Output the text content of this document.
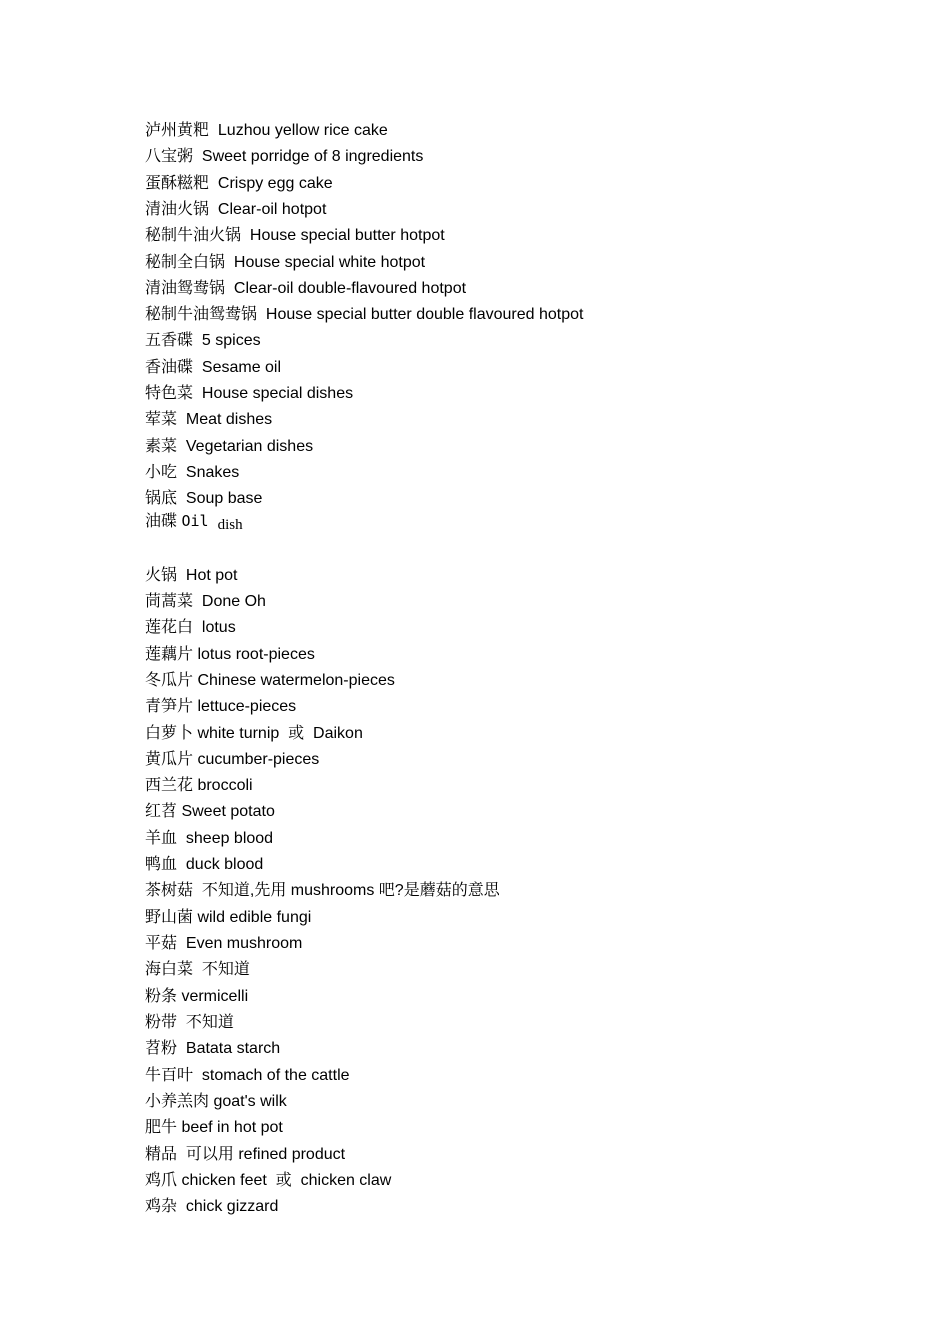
泸州黄粑  Luzhou yellow rice cake
八宝粥  Sweet porridge of 8 ingredients
蛋酥糍粑  Crispy egg cake
清油火锅  Clear-oil hotpot
秘制牛油火锅  House special butter hotpot
秘制全白锅  House special white hotpot
清油鸳鸯锅  Clear-oil double-flavoured hotpot
秘制牛油鸳鸯锅  House special butter double flavoured hotpot
五香碟  5 spices
香油碟  Sesame oil
特色菜  House special dishes
荤菜  Meat dishes
素菜  Vegetarian dishes
小吃  Snakes
锅底  Soup base
油碟 Oil dish
火锅  Hot pot
茼蒿菜  Done Oh
莲花白  lotus
莲藕片 lotus root-pieces
冬瓜片 Chinese watermelon-pieces
青笋片 lettuce-pieces
白萝卜 white turnip  或  Daikon
黄瓜片 cucumber-pieces
西兰花 broccoli
红苕 Sweet potato
羊血  sheep blood
鸭血  duck blood
茶树菇  不知道,先用 mushrooms 吧?是蘑菇的意思
野山菌 wild edible fungi
平菇  Even mushroom
海白菜  不知道
粉条 vermicelli
粉带  不知道
苕粉  Batata starch
牛百叶  stomach of the cattle
小养羔肉 goat's wilk
肥牛 beef in hot pot
精品  可以用 refined product
鸡爪 chicken feet  或  chicken claw
鸡杂  chick gizzard
